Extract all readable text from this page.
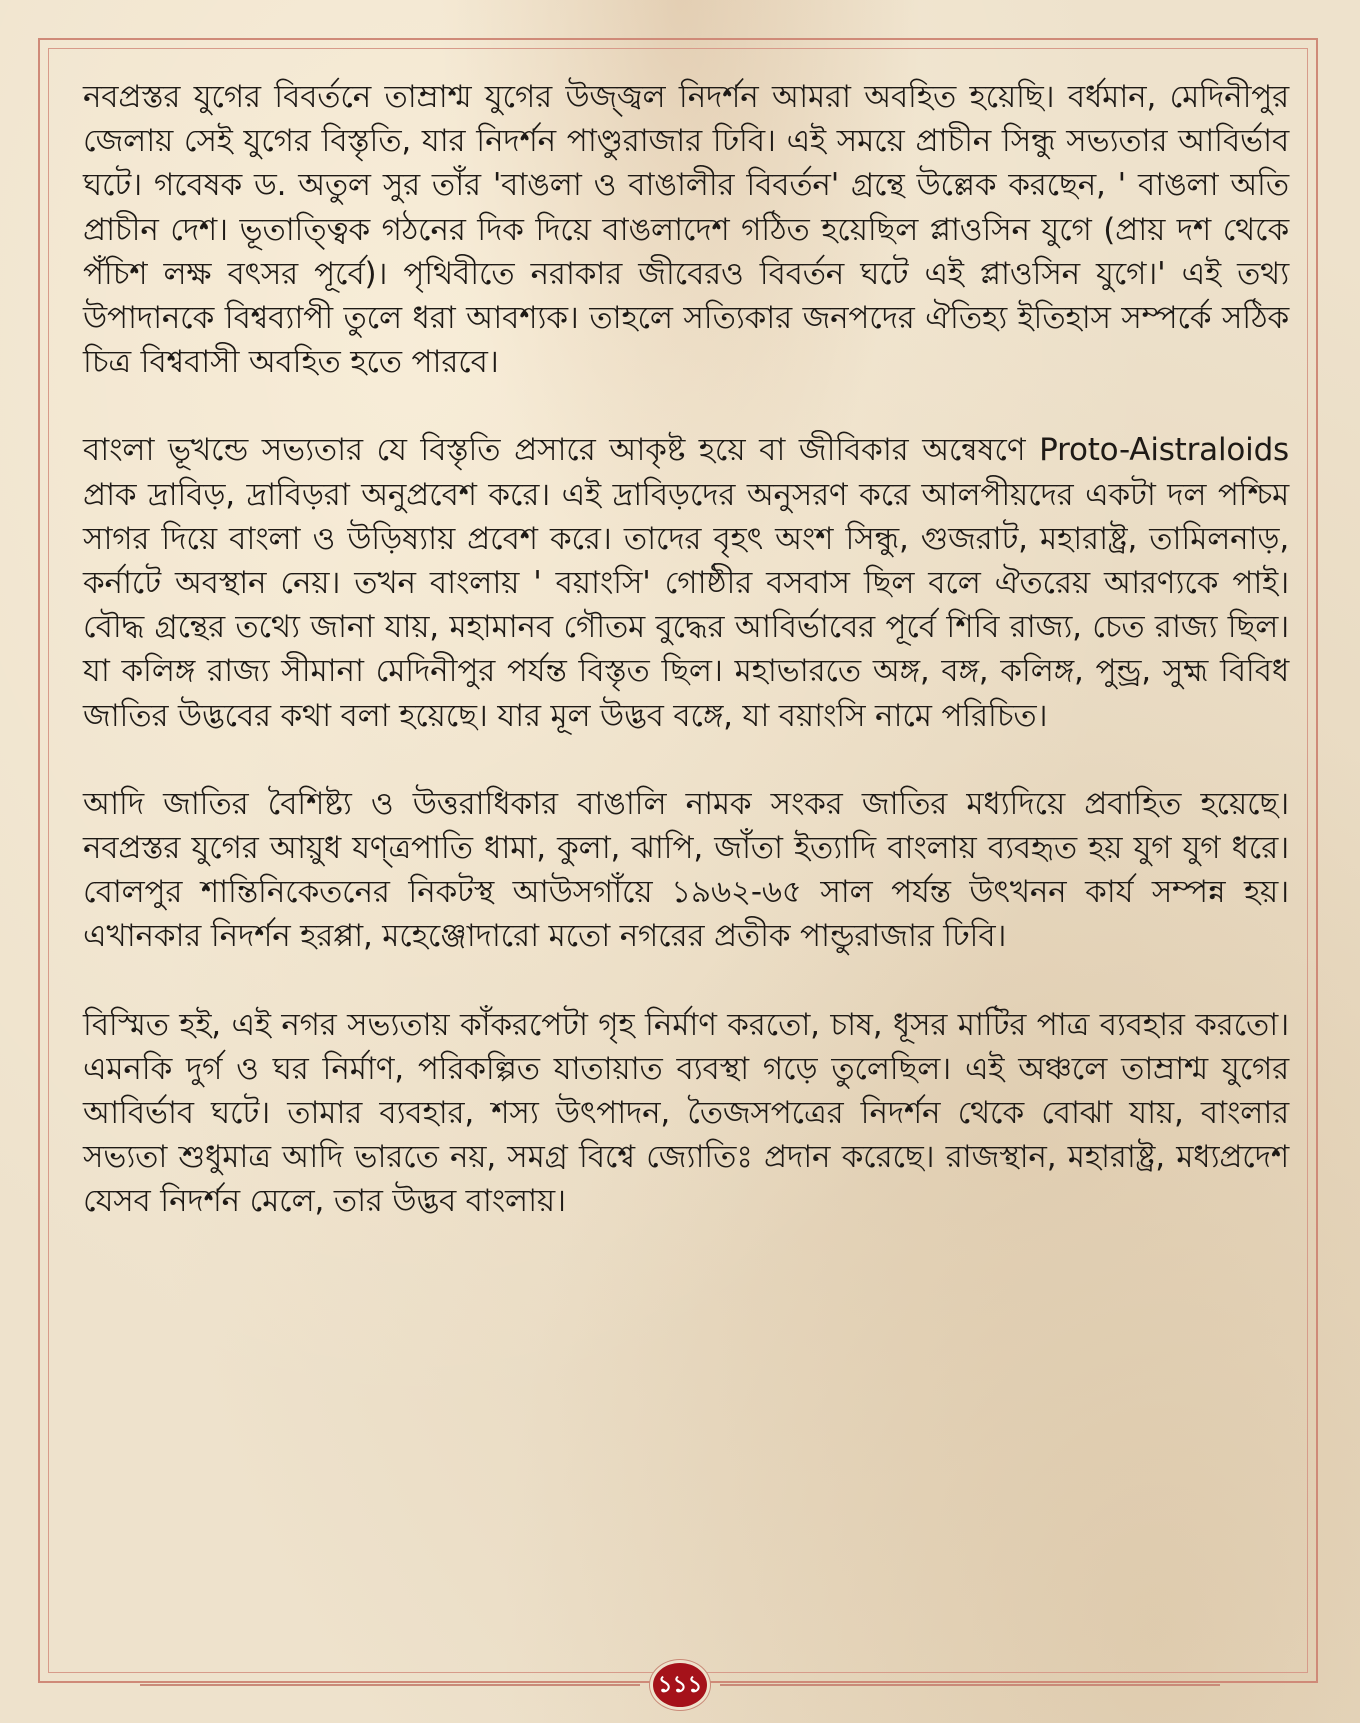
নবপ্রস্তর যুগের বিবর্তনে তাম্রাশ্ম যুগের উজ্জ্বল নিদর্শন আমরা অবহিত হয়েছি। বর্ধমান, মেদিনীপুর জেলায় সেই যুগের বিস্তৃতি, যার নিদর্শন পাণ্ডুরাজার ঢিবি। এই সময়ে প্রাচীন সিন্ধু সভ্যতার আবির্ভাব ঘটে। গবেষক ড. অতুল সুর তাঁর 'বাঙলা ও বাঙালীর বিবর্তন' গ্রন্থে উল্লেক করছেন, ' বাঙলা অতি প্রাচীন দেশ। ভূতাত্ত্বিক গঠনের দিক দিয়ে বাঙলাদেশ গঠিত হয়েছিল প্লাওসিন যুগে (প্রায় দশ থেকে পঁচিশ লক্ষ বৎসর পূর্বে)। পৃথিবীতে নরাকার জীবেরও বিবর্তন ঘটে এই প্লাওসিন যুগে।' এই তথ্য উপাদানকে বিশ্বব্যাপী তুলে ধরা আবশ্যক। তাহলে সত্যিকার জনপদের ঐতিহ্য ইতিহাস সম্পর্কে সঠিক চিত্র বিশ্ববাসী অবহিত হতে পারবে।

বাংলা ভূখন্ডে সভ্যতার যে বিস্তৃতি প্রসারে আকৃষ্ট হয়ে বা জীবিকার অন্বেষণে Proto-Aistraloids প্রাক দ্রাবিড়, দ্রাবিড়রা অনুপ্রবেশ করে। এই দ্রাবিড়দের অনুসরণ করে আলপীয়দের একটা দল পশ্চিম সাগর দিয়ে বাংলা ও উড়িষ্যায় প্রবেশ করে। তাদের বৃহৎ অংশ সিন্ধু, গুজরাট, মহারাষ্ট্র, তামিলনাড়, কর্নাটে অবস্থান নেয়। তখন বাংলায় ' বয়াংসি' গোষ্ঠীর বসবাস ছিল বলে ঐতরেয় আরণ্যকে পাই। বৌদ্ধ গ্রন্থের তথ্যে জানা যায়, মহামানব গৌতম বুদ্ধের আবির্ভাবের পূর্বে শিবি রাজ্য, চেত রাজ্য ছিল। যা কলিঙ্গ রাজ্য সীমানা মেদিনীপুর পর্যন্ত বিস্তৃত ছিল। মহাভারতে অঙ্গ, বঙ্গ, কলিঙ্গ, পুন্ড্র, সুহ্ম বিবিধ জাতির উদ্ভবের কথা বলা হয়েছে। যার মূল উদ্ভব বঙ্গে, যা বয়াংসি নামে পরিচিত।

আদি জাতির বৈশিষ্ট্য ও উত্তরাধিকার বাঙালি নামক সংকর জাতির মধ্যদিয়ে প্রবাহিত হয়েছে। নবপ্রস্তর যুগের আয়ুধ যণ্ত্রপাতি ধামা, কুলা, ঝাপি, জাঁতা ইত্যাদি বাংলায় ব্যবহৃত হয় যুগ যুগ ধরে। বোলপুর শান্তিনিকেতনের নিকটস্থ আউসগাঁয়ে ১৯৬২-৬৫ সাল পর্যন্ত উৎখনন কার্য সম্পন্ন হয়। এখানকার নিদর্শন হরপ্পা, মহেঞ্জোদারো মতো নগরের প্রতীক পান্ডুরাজার ঢিবি।

বিস্মিত হই, এই নগর সভ্যতায় কাঁকরপেটা গৃহ নির্মাণ করতো, চাষ, ধূসর মাটির পাত্র ব্যবহার করতো। এমনকি দুর্গ ও ঘর নির্মাণ, পরিকল্পিত যাতায়াত ব্যবস্থা গড়ে তুলেছিল। এই অঞ্চলে তাম্রাশ্ম যুগের আবির্ভাব ঘটে। তামার ব্যবহার, শস্য উৎপাদন, তৈজসপত্রের নিদর্শন থেকে বোঝা যায়, বাংলার সভ্যতা শুধুমাত্র আদি ভারতে নয়, সমগ্র বিশ্বে জ্যোতিঃ প্রদান করেছে। রাজস্থান, মহারাষ্ট্র, মধ্যপ্রদেশ যেসব নিদর্শন মেলে, তার উদ্ভব বাংলায়।

১১১
